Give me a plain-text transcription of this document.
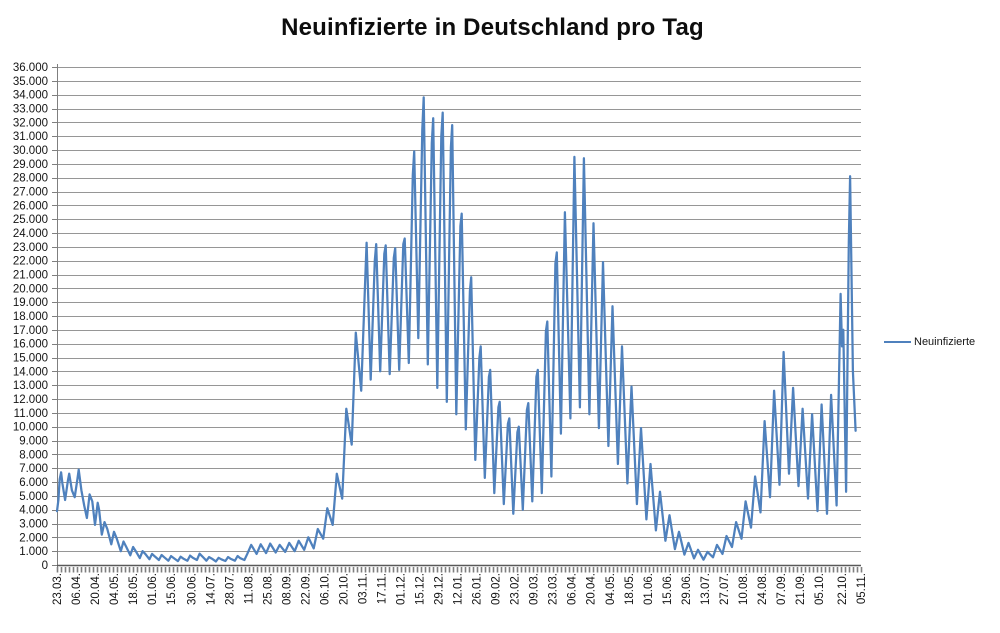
Neuinfizierte in Deutschland pro Tag
36.000
35.000
34.000
33.000
32.000
31.000
30.000
29.000
28.000
27.000
26.000
25.000
24.000
23.000
22.000
21.000
20.000
19.000
18.000
17.000
16.000
15.000
14.000
13.000
12.000
11.000
10.000
9.000
8.000
7.000
6.000
5.000
4.000
3.000
2.000
1.000
0
23.03. 06.04. 20.04. 04.05. 18.05. 01.06. 15.06. 30.06. 14.07. 28.07. 11.08. 25.08. 08.09. 22.09. 06.10. 20.10. 03.11. 17.11. 01.12. 15.12. 29.12. 12.01. 26.01. 09.02. 23.02. 09.03. 23.03. 06.04. 20.04. 04.05. 18.05. 01.06. 15.06. 29.06. 13.07. 27.07. 10.08. 24.08. 07.09. 21.09. 05.10. 22.10. 05.11.
Neuinfizierte
